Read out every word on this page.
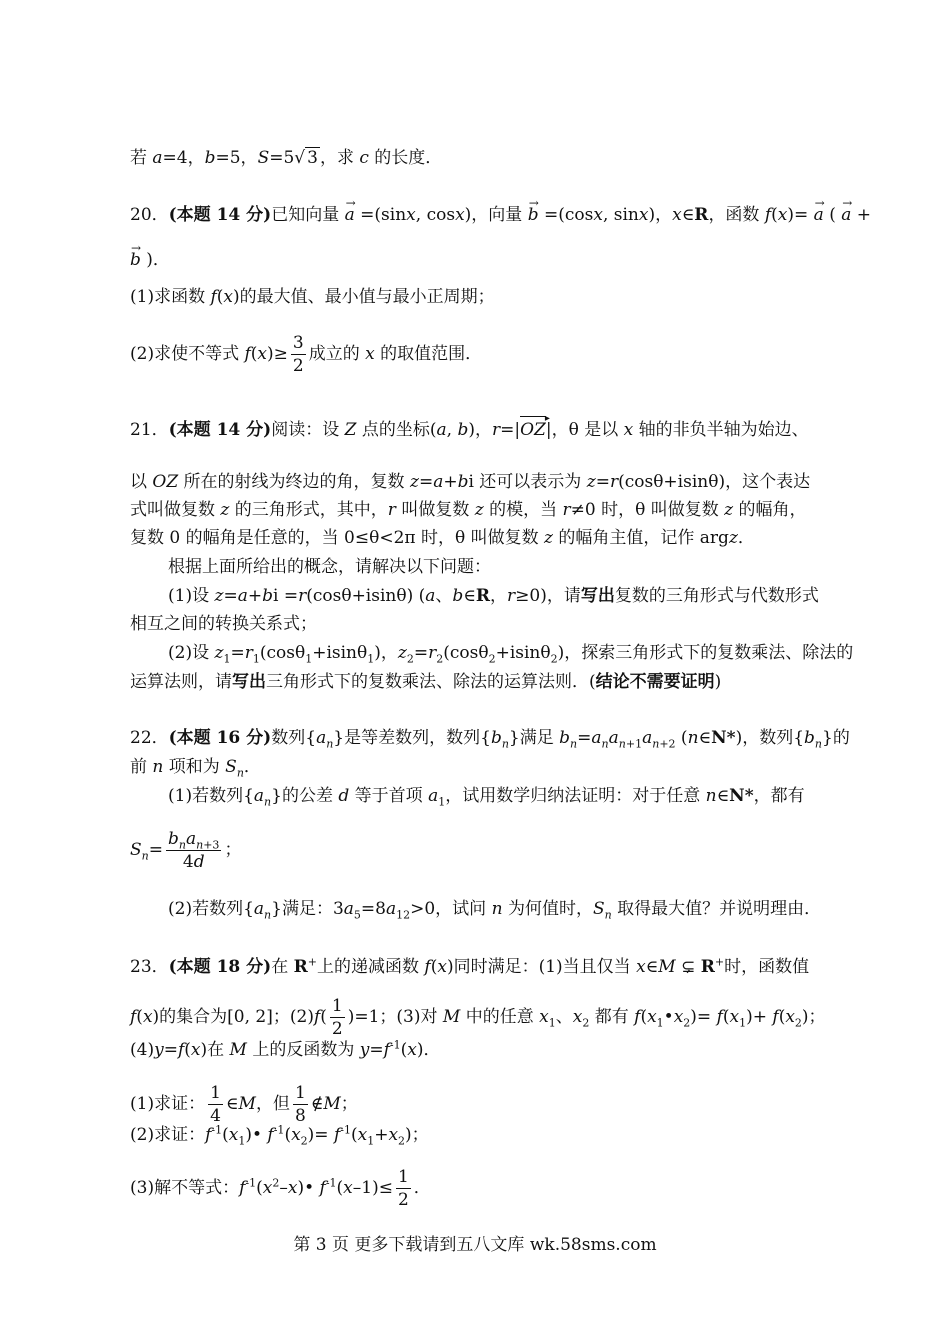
若 a=4，b=5，S=5√ 3 ，求 c 的长度．
20．(本题 14 分)已知向量 → a =(sinx, cosx)，向量 → b =(cosx, sinx)，x∈R，函数 f(x)= → a ( → a +
→ b )．
(1)求函数 f(x)的最大值、最小值与最小正周期；
(2)求使不等式 $f(x)\ge \frac{3}{2}$ 成立的 x 的取值范围．
21．(本题 14 分)阅读：设 Z 点的坐标(a, b)，r=|OZ ▸|，θ 是以 x 轴的非负半轴为始边、
以 OZ 所在的射线为终边的角，复数 z=a+bi 还可以表示为 z=r(cosθ+isinθ)，这个表达
式叫做复数 z 的三角形式，其中，r 叫做复数 z 的模，当 r≠0 时，θ 叫做复数 z 的幅角，
复数 0 的幅角是任意的，当 0≤θ<2π 时，θ 叫做复数 z 的幅角主值，记作 argz．
根据上面所给出的概念，请解决以下问题：
(1)设 z=a+bi =r(cosθ+isinθ) (a、b∈R，r≥0)，请写出复数的三角形式与代数形式
相互之间的转换关系式；
(2)设 $z_1=r_1(\cos\theta_1+isin\theta_1)$，$z_2=r_2(\cos\theta_2+isin\theta_2)$，探索三角形式下的复数乘法、除法的
运算法则，请写出三角形式下的复数乘法、除法的运算法则．(结论不需要证明)
22．(本题 16 分)数列$\{a_n\}$是等差数列，数列$\{b_n\}$满足 $b_n=a_na_{n+1}a_{n+2}$ (n∈N*)，数列$\{b_n\}$的
前 n 项和为 $S_n$．
(1)若数列$\{a_n\}$的公差 d 等于首项 $a_1$，试用数学归纳法证明：对于任意 n∈N*，都有
$S_n= \frac{b_na_{n+3}}{4d}$ ；
(2)若数列$\{a_n\}$满足：$3a_5=8a_{12}>0$，试问 n 为何值时，$S_n$ 取得最大值？并说明理由．
23．(本题 18 分)在 R+上的递减函数 f(x)同时满足：(1)当且仅当 x∈M ⊊ R+时，函数值
f(x)的集合为[0, 2]；$(2)f( \frac{1}{2} )=1$；(3)对 M 中的任意 $x_1$、$x_2$ 都有 $f(x_1•x_2)= f(x_1)+ f(x_2)$；
(4)y=f(x)在 M 上的反函数为 $y=f^{-1}(x)$．
(1)求证： $\frac{1}{4}$ ∈M，但 $\frac{1}{8}$ ∉M；
(2)求证：$f^{-1}(x_1)•$ $f^{-1}(x_2)= f^{-1}(x_1+x_2)$；
(3)解不等式：$f^{-1}(x^2-x)•$ $f^{-1}(x-1)\le \frac{1}{2}$ ．
第 3 页 更多下载请到五八文库 wk.58sms.com
